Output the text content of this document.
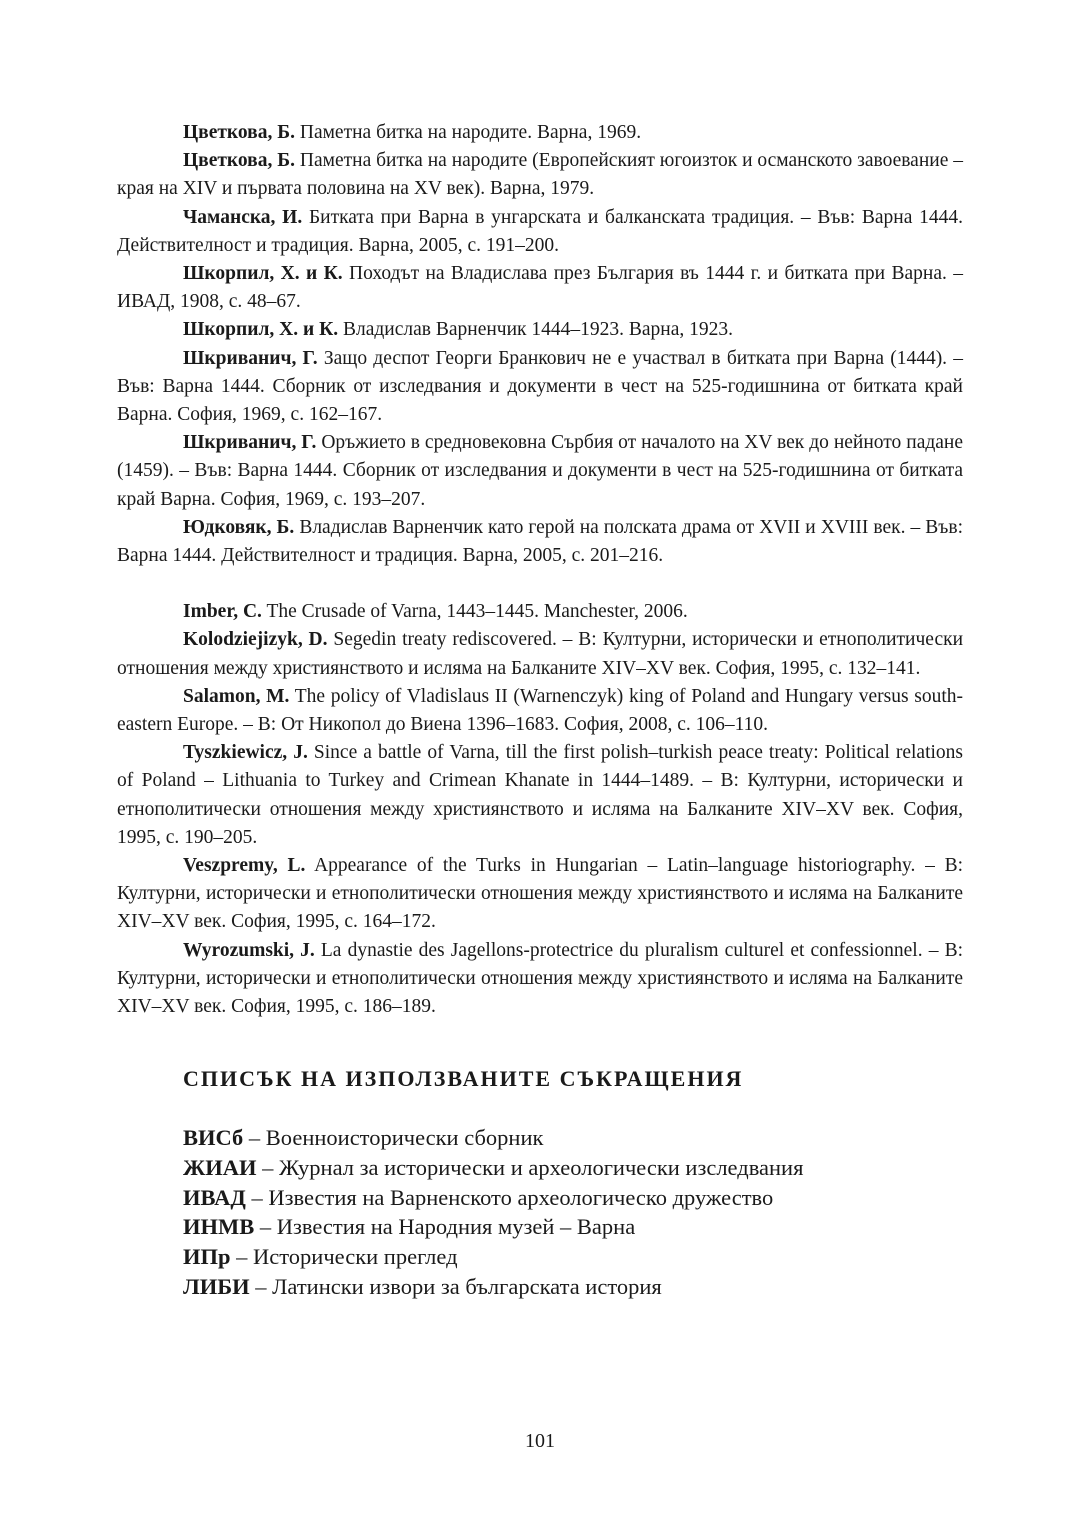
Цветкова, Б. Паметна битка на народите. Варна, 1969.

Цветкова, Б. Паметна битка на народите (Европейският югоизток и османското завоевание – края на XIV и първата половина на XV век). Варна, 1979.

Чаманска, И. Битката при Варна в унгарската и балканската традиция. – Във: Варна 1444. Действителност и традиция. Варна, 2005, с. 191–200.

Шкорпил, Х. и К. Походът на Владислава през България въ 1444 г. и битката при Варна. – ИВАД, 1908, с. 48–67.

Шкорпил, Х. и К. Владислав Варненчик 1444–1923. Варна, 1923.

Шкриванич, Г. Защо деспот Георги Бранкович не е участвал в битката при Варна (1444). – Във: Варна 1444. Сборник от изследвания и документи в чест на 525-годишнина от битката край Варна. София, 1969, с. 162–167.

Шкриванич, Г. Оръжието в средновековна Сърбия от началото на XV век до нейното падане (1459). – Във: Варна 1444. Сборник от изследвания и документи в чест на 525-годишнина от битката край Варна. София, 1969, с. 193–207.

Юдковяк, Б. Владислав Варненчик като герой на полската драма от XVII и XVIII век. – Във: Варна 1444. Действителност и традиция. Варна, 2005, с. 201–216.

Imber, C. The Crusade of Varna, 1443–1445. Manchester, 2006.

Kolodziejizyk, D. Segedin treaty rediscovered. – В: Културни, исторически и етнополитически отношения между християнството и исляма на Балканите XIV–XV век. София, 1995, с. 132–141.

Salamon, M. The policy of Vladislaus II (Warnenczyk) king of Poland and Hungary versus south-eastern Europe. – В: От Никопол до Виена 1396–1683. София, 2008, с. 106–110.

Tyszkiewicz, J. Since a battle of Varna, till the first polish–turkish peace treaty: Political relations of Poland – Lithuania to Turkey and Crimean Khanate in 1444–1489. – В: Културни, исторически и етнополитически отношения между християнството и исляма на Балканите XIV–XV век. София, 1995, с. 190–205.

Veszpremy, L. Appearance of the Turks in Hungarian – Latin–language historiography. – В: Културни, исторически и етнополитически отношения между християнството и исляма на Балканите XIV–XV век. София, 1995, с. 164–172.

Wyrozumski, J. La dynastie des Jagellons-protectrice du pluralism culturel et confessionnel. – В: Културни, исторически и етнополитически отношения между християнството и исляма на Балканите XIV–XV век. София, 1995, с. 186–189.

СПИСЪК НА ИЗПОЛЗВАНИТЕ СЪКРАЩЕНИЯ
ВИСб – Военноисторически сборник
ЖИАИ – Журнал за исторически и археологически изследвания
ИВАД – Известия на Варненското археологическо дружество
ИНМВ – Известия на Народния музей – Варна
ИПр – Исторически преглед
ЛИБИ – Латински извори за българската история
101
